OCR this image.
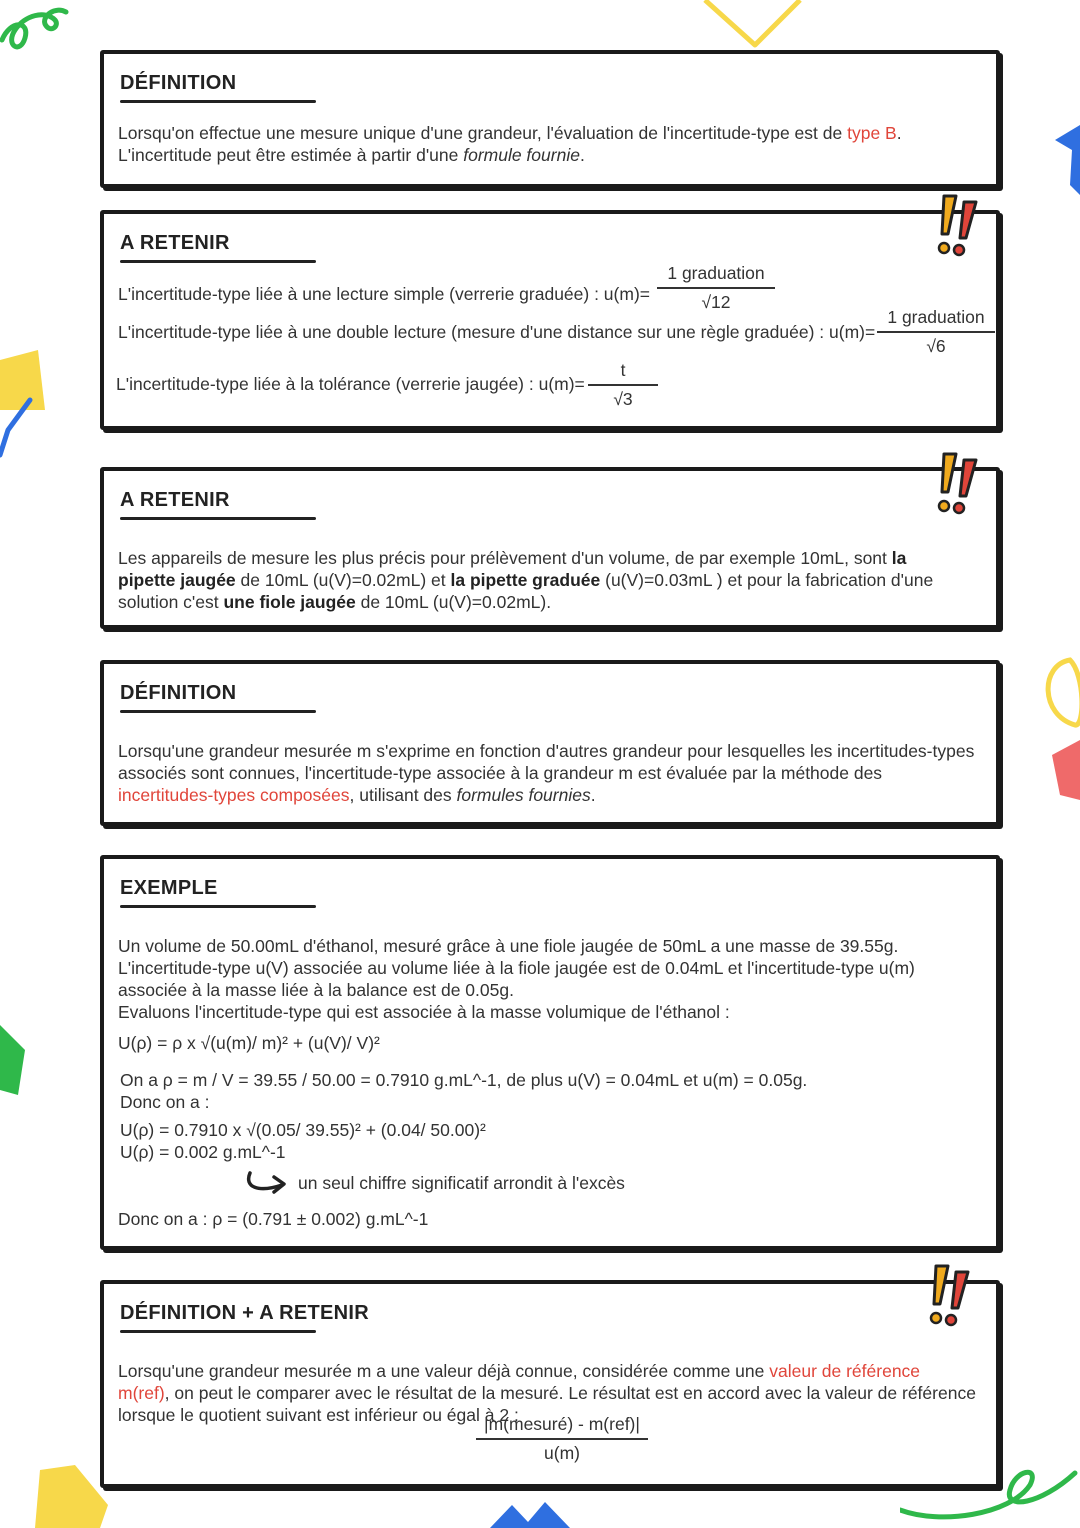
DÉFINITION
Lorsqu'on effectue une mesure unique d'une grandeur, l'évaluation de l'incertitude-type est de type B.
L'incertitude peut être estimée à partir d'une formule fournie.
A RETENIR
L'incertitude-type liée à une lecture simple (verrerie graduée) : u(m)=
1 graduation
√12
L'incertitude-type liée à une double lecture (mesure d'une distance sur une règle graduée) : u(m)=
1 graduation
√6
L'incertitude-type liée à la tolérance (verrerie jaugée) : u(m)=
t
√3
A RETENIR
Les appareils de mesure les plus précis pour prélèvement d'un volume, de par exemple 10mL, sont la pipette jaugée de 10mL (u(V)=0.02mL) et la pipette graduée (u(V)=0.03mL ) et pour la fabrication d'une solution c'est une fiole jaugée de 10mL (u(V)=0.02mL).
DÉFINITION
Lorsqu'une grandeur mesurée m s'exprime en fonction d'autres grandeur pour lesquelles les incertitudes-types associés sont connues, l'incertitude-type associée à la grandeur m est évaluée par la méthode des incertitudes-types composées, utilisant des formules fournies.
EXEMPLE
Un volume de 50.00mL d'éthanol, mesuré grâce à une fiole jaugée de 50mL a une masse de 39.55g.
L'incertitude-type u(V) associée au volume liée à la fiole jaugée est de 0.04mL et l'incertitude-type u(m) associée à la masse liée à la balance est de 0.05g.
Evaluons l'incertitude-type qui est associée à la masse volumique de l'éthanol :
U(ρ) = ρ x √(u(m)/ m)² + (u(V)/ V)²
On a ρ = m / V = 39.55 / 50.00 = 0.7910 g.mL^-1, de plus u(V) = 0.04mL et u(m) = 0.05g.
Donc on a :
U(ρ) = 0.7910 x √(0.05/ 39.55)² + (0.04/ 50.00)²
U(ρ) = 0.002 g.mL^-1
un seul chiffre significatif arrondit à l'excès
Donc on a : ρ = (0.791 ± 0.002) g.mL^-1
DÉFINITION + A RETENIR
Lorsqu'une grandeur mesurée m a une valeur déjà connue, considérée comme une valeur de référence m(ref), on peut le comparer avec le résultat de la mesuré. Le résultat est en accord avec la valeur de référence lorsque le quotient suivant est inférieur ou égal à 2 :
|m(mesuré) - m(ref)|
u(m)
